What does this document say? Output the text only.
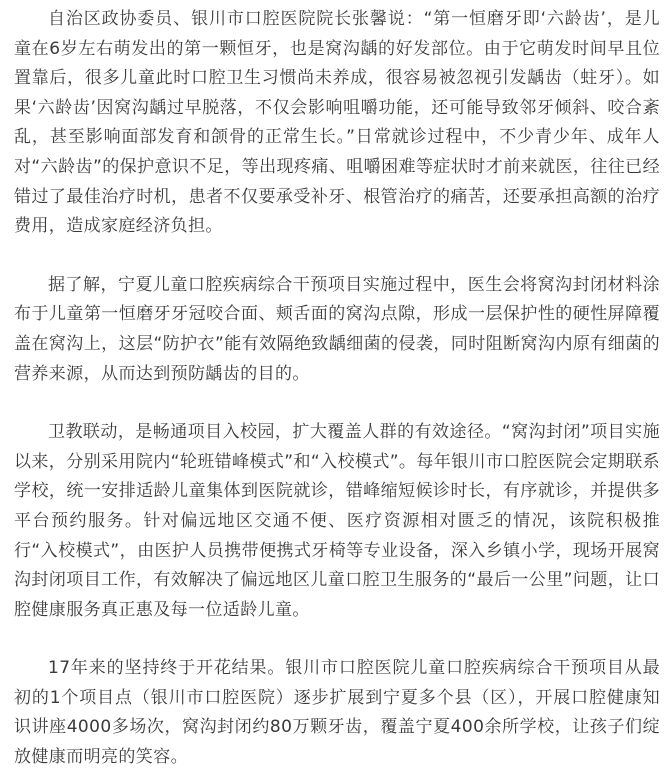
自治区政协委员、银川市口腔医院院长张馨说：“第一恒磨牙即‘六龄齿’，是儿童在6岁左右萌发出的第一颗恒牙，也是窝沟龋的好发部位。由于它萌发时间早且位置靠后，很多儿童此时口腔卫生习惯尚未养成，很容易被忽视引发龋齿（蛀牙）。如果‘六龄齿’因窝沟龋过早脱落，不仅会影响咀嚼功能，还可能导致邻牙倾斜、咬合紊乱，甚至影响面部发育和颌骨的正常生长。”日常就诊过程中，不少青少年、成年人对“六龄齿”的保护意识不足，等出现疼痛、咀嚼困难等症状时才前来就医，往往已经错过了最佳治疗时机，患者不仅要承受补牙、根管治疗的痛苦，还要承担高额的治疗费用，造成家庭经济负担。

据了解，宁夏儿童口腔疾病综合干预项目实施过程中，医生会将窝沟封闭材料涂布于儿童第一恒磨牙牙冠咬合面、颊舌面的窝沟点隙，形成一层保护性的硬性屏障覆盖在窝沟上，这层“防护衣”能有效隔绝致龋细菌的侵袭，同时阻断窝沟内原有细菌的营养来源，从而达到预防龋齿的目的。

卫教联动，是畅通项目入校园，扩大覆盖人群的有效途径。“窝沟封闭”项目实施以来，分别采用院内“轮班错峰模式”和“入校模式”。每年银川市口腔医院会定期联系学校，统一安排适龄儿童集体到医院就诊，错峰缩短候诊时长，有序就诊，并提供多平台预约服务。针对偏远地区交通不便、医疗资源相对匮乏的情况，该院积极推行“入校模式”，由医护人员携带便携式牙椅等专业设备，深入乡镇小学，现场开展窝沟封闭项目工作，有效解决了偏远地区儿童口腔卫生服务的“最后一公里”问题，让口腔健康服务真正惠及每一位适龄儿童。

17年来的坚持终于开花结果。银川市口腔医院儿童口腔疾病综合干预项目从最初的1个项目点（银川市口腔医院）逐步扩展到宁夏多个县（区），开展口腔健康知识讲座4000多场次，窝沟封闭约80万颗牙齿，覆盖宁夏400余所学校，让孩子们绽放健康而明亮的笑容。
